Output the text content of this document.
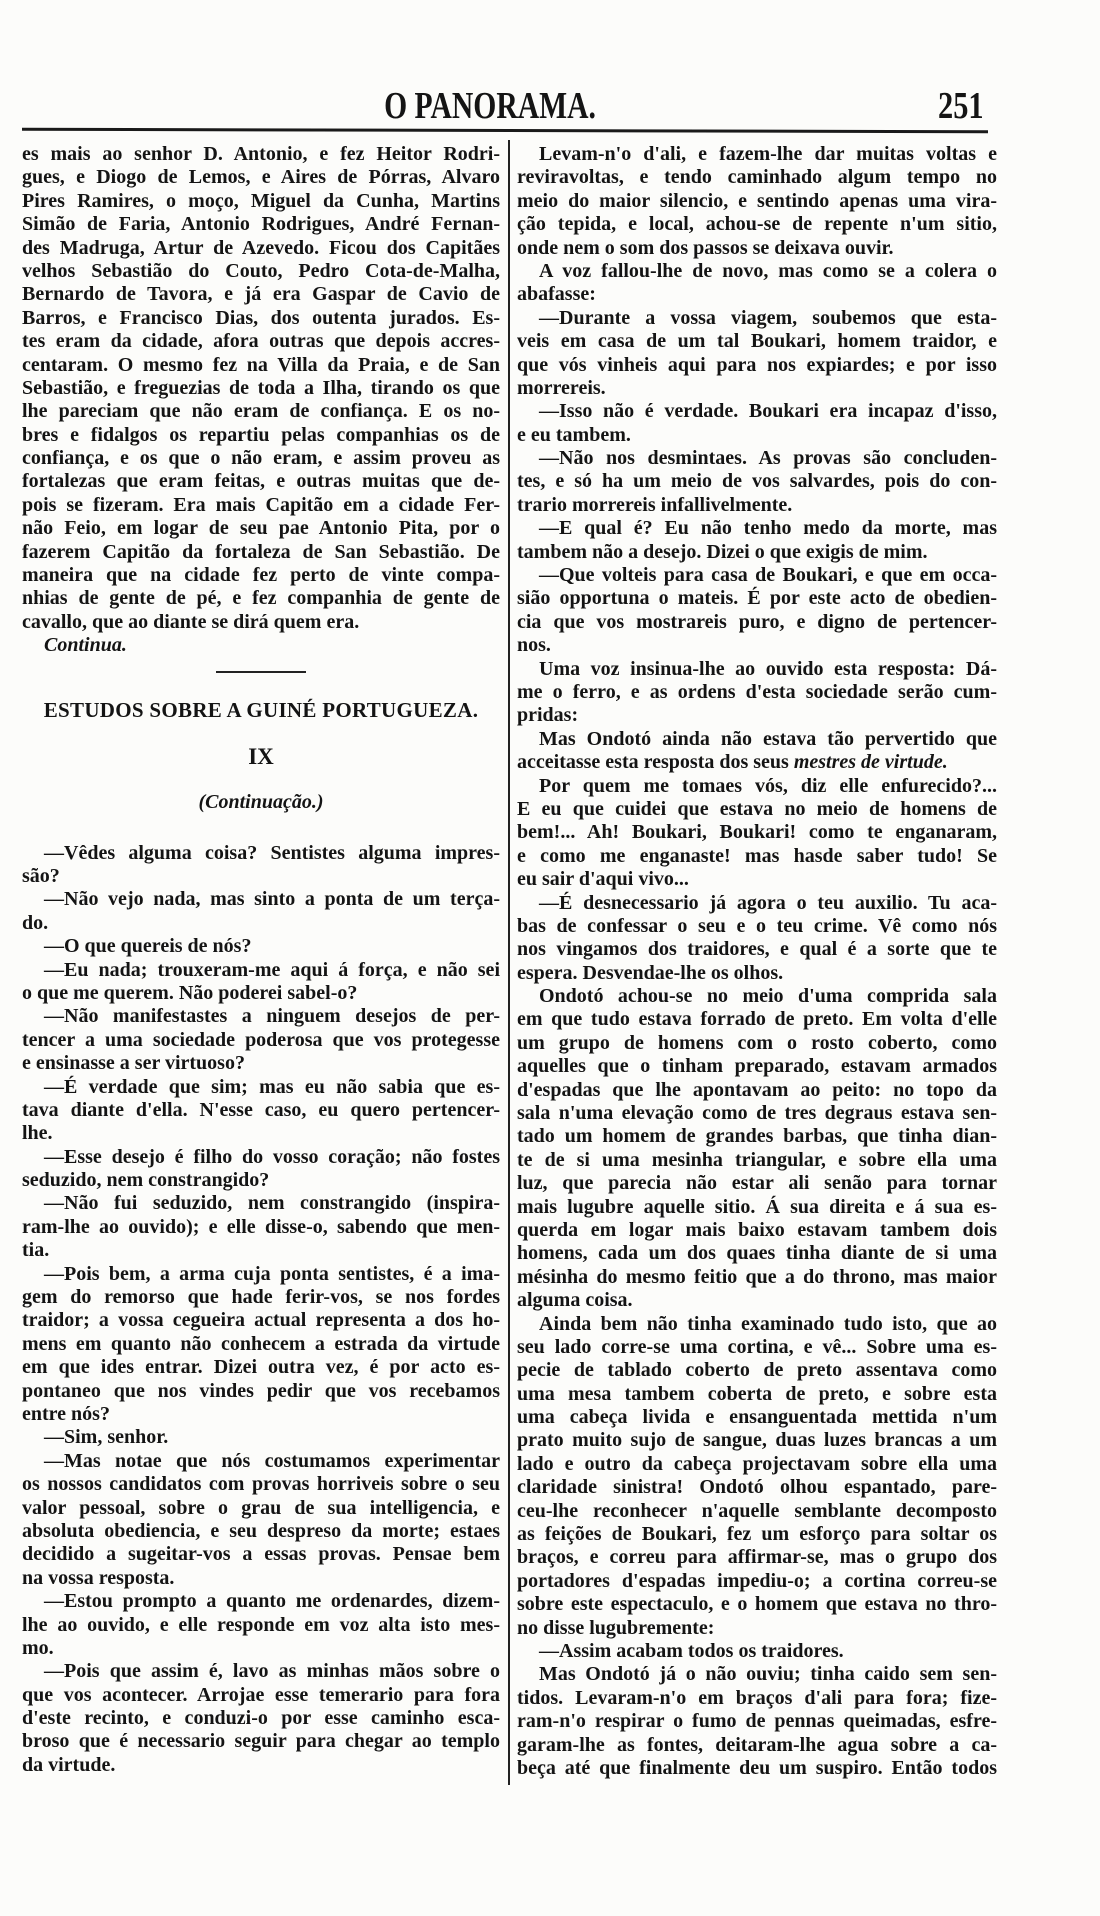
O PANORAMA.	251
es mais ao senhor D. Antonio, e fez Heitor Rodri-
gues, e Diogo de Lemos, e Aires de Pórras, Alvaro
Pires Ramires, o moço, Miguel da Cunha, Martins
Simão de Faria, Antonio Rodrigues, André Fernan-
des Madruga, Artur de Azevedo. Ficou dos Capitães
velhos Sebastião do Couto, Pedro Cota-de-Malha,
Bernardo de Tavora, e já era Gaspar de Cavio de
Barros, e Francisco Dias, dos outenta jurados. Es-
tes eram da cidade, afora outras que depois accres-
centaram. O mesmo fez na Villa da Praia, e de San
Sebastião, e freguezias de toda a Ilha, tirando os que
lhe pareciam que não eram de confiança. E os no-
bres e fidalgos os repartiu pelas companhias os de
confiança, e os que o não eram, e assim proveu as
fortalezas que eram feitas, e outras muitas que de-
pois se fizeram. Era mais Capitão em a cidade Fer-
não Feio, em logar de seu pae Antonio Pita, por o
fazerem Capitão da fortaleza de San Sebastião. De
maneira que na cidade fez perto de vinte compa-
nhias de gente de pé, e fez companhia de gente de
cavallo, que ao diante se dirá quem era.
Continua.
ESTUDOS SOBRE A GUINÉ PORTUGUEZA.
IX
(Continuação.)
—Vêdes alguma coisa? Sentistes alguma impres-
são?
—Não vejo nada, mas sinto a ponta de um terça-
do.
—O que quereis de nós?
—Eu nada; trouxeram-me aqui á força, e não sei
o que me querem. Não poderei sabel-o?
—Não manifestastes a ninguem desejos de per-
tencer a uma sociedade poderosa que vos protegesse
e ensinasse a ser virtuoso?
—É verdade que sim; mas eu não sabia que es-
tava diante d'ella. N'esse caso, eu quero pertencer-
lhe.
—Esse desejo é filho do vosso coração; não fostes
seduzido, nem constrangido?
—Não fui seduzido, nem constrangido (inspira-
ram-lhe ao ouvido); e elle disse-o, sabendo que men-
tia.
—Pois bem, a arma cuja ponta sentistes, é a ima-
gem do remorso que hade ferir-vos, se nos fordes
traidor; a vossa cegueira actual representa a dos ho-
mens em quanto não conhecem a estrada da virtude
em que ides entrar. Dizei outra vez, é por acto es-
pontaneo que nos vindes pedir que vos recebamos
entre nós?
—Sim, senhor.
—Mas notae que nós costumamos experimentar
os nossos candidatos com provas horriveis sobre o seu
valor pessoal, sobre o grau de sua intelligencia, e
absoluta obediencia, e seu despreso da morte; estaes
decidido a sugeitar-vos a essas provas. Pensae bem
na vossa resposta.
—Estou prompto a quanto me ordenardes, dizem-
lhe ao ouvido, e elle responde em voz alta isto mes-
mo.
—Pois que assim é, lavo as minhas mãos sobre o
que vos acontecer. Arrojae esse temerario para fora
d'este recinto, e conduzi-o por esse caminho esca-
broso que é necessario seguir para chegar ao templo
da virtude.
Levam-n'o d'ali, e fazem-lhe dar muitas voltas e
reviravoltas, e tendo caminhado algum tempo no
meio do maior silencio, e sentindo apenas uma vira-
ção tepida, e local, achou-se de repente n'um sitio,
onde nem o som dos passos se deixava ouvir.
A voz fallou-lhe de novo, mas como se a colera o
abafasse:
—Durante a vossa viagem, soubemos que esta-
veis em casa de um tal Boukari, homem traidor, e
que vós vinheis aqui para nos expiardes; e por isso
morrereis.
—Isso não é verdade. Boukari era incapaz d'isso,
e eu tambem.
—Não nos desmintaes. As provas são concluden-
tes, e só ha um meio de vos salvardes, pois do con-
trario morrereis infallivelmente.
—E qual é? Eu não tenho medo da morte, mas
tambem não a desejo. Dizei o que exigis de mim.
—Que volteis para casa de Boukari, e que em occa-
sião opportuna o mateis. É por este acto de obedien-
cia que vos mostrareis puro, e digno de pertencer-
nos.
Uma voz insinua-lhe ao ouvido esta resposta: Dá-
me o ferro, e as ordens d'esta sociedade serão cum-
pridas:
Mas Ondotó ainda não estava tão pervertido que
acceitasse esta resposta dos seus mestres de virtude.
Por quem me tomaes vós, diz elle enfurecido?...
E eu que cuidei que estava no meio de homens de
bem!... Ah! Boukari, Boukari! como te enganaram,
e como me enganaste! mas hasde saber tudo! Se
eu sair d'aqui vivo...
—É desnecessario já agora o teu auxilio. Tu aca-
bas de confessar o seu e o teu crime. Vê como nós
nos vingamos dos traidores, e qual é a sorte que te
espera. Desvendae-lhe os olhos.
Ondotó achou-se no meio d'uma comprida sala
em que tudo estava forrado de preto. Em volta d'elle
um grupo de homens com o rosto coberto, como
aquelles que o tinham preparado, estavam armados
d'espadas que lhe apontavam ao peito: no topo da
sala n'uma elevação como de tres degraus estava sen-
tado um homem de grandes barbas, que tinha dian-
te de si uma mesinha triangular, e sobre ella uma
luz, que parecia não estar ali senão para tornar
mais lugubre aquelle sitio. Á sua direita e á sua es-
querda em logar mais baixo estavam tambem dois
homens, cada um dos quaes tinha diante de si uma
mésinha do mesmo feitio que a do throno, mas maior
alguma coisa.
Ainda bem não tinha examinado tudo isto, que ao
seu lado corre-se uma cortina, e vê... Sobre uma es-
pecie de tablado coberto de preto assentava como
uma mesa tambem coberta de preto, e sobre esta
uma cabeça livida e ensanguentada mettida n'um
prato muito sujo de sangue, duas luzes brancas a um
lado e outro da cabeça projectavam sobre ella uma
claridade sinistra! Ondotó olhou espantado, pare-
ceu-lhe reconhecer n'aquelle semblante decomposto
as feições de Boukari, fez um esforço para soltar os
braços, e correu para affirmar-se, mas o grupo dos
portadores d'espadas impediu-o; a cortina correu-se
sobre este espectaculo, e o homem que estava no thro-
no disse lugubremente:
—Assim acabam todos os traidores.
Mas Ondotó já o não ouviu; tinha caido sem sen-
tidos. Levaram-n'o em braços d'ali para fora; fize-
ram-n'o respirar o fumo de pennas queimadas, esfre-
garam-lhe as fontes, deitaram-lhe agua sobre a ca-
beça até que finalmente deu um suspiro. Então todos
